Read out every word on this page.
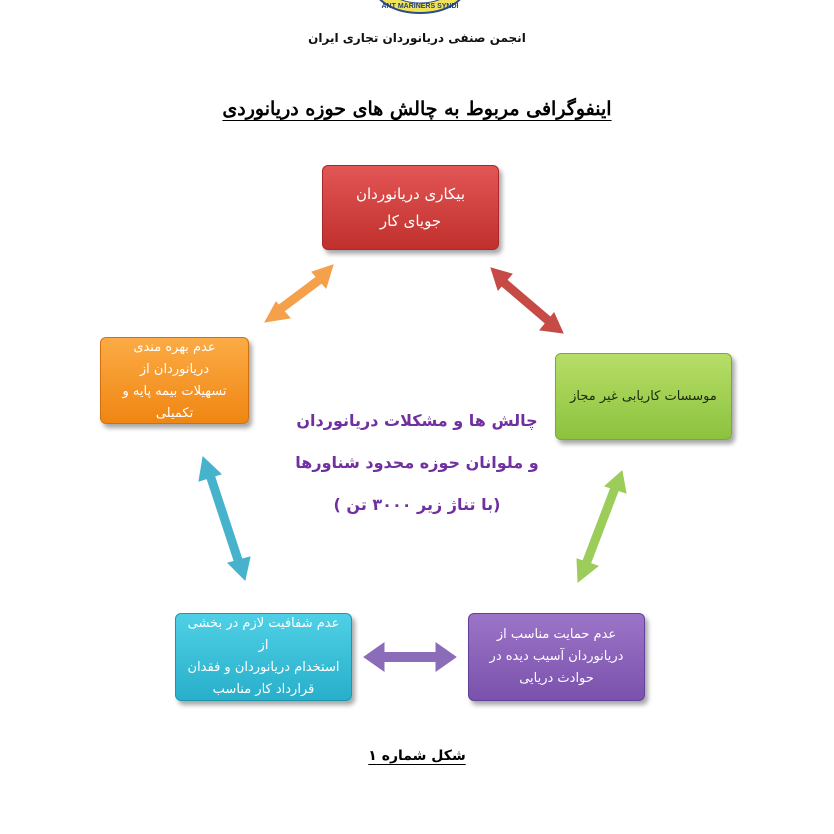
ANT MARINERS SYNDI
انجمن صنفی دریانوردان تجاری ایران
اینفوگرافی مربوط به چالش های حوزه دریانوردی
بیکاری دریانوردان
جویای کار
عدم بهره مندی دریانوردان از
تسهیلات بیمه پایه و تکمیلی
موسسات کاریابی غیر مجاز
عدم شفافیت لازم در بخشی از
استخدام دریانوردان و فقدان
قرارداد کار مناسب
عدم حمایت مناسب از
دریانوردان آسیب دیده در
حوادث دریایی
چالش ها و مشکلات دریانوردان
و ملوانان حوزه محدود شناورها
(با تناژ زیر ۳۰۰۰ تن )
شکل شماره ۱
